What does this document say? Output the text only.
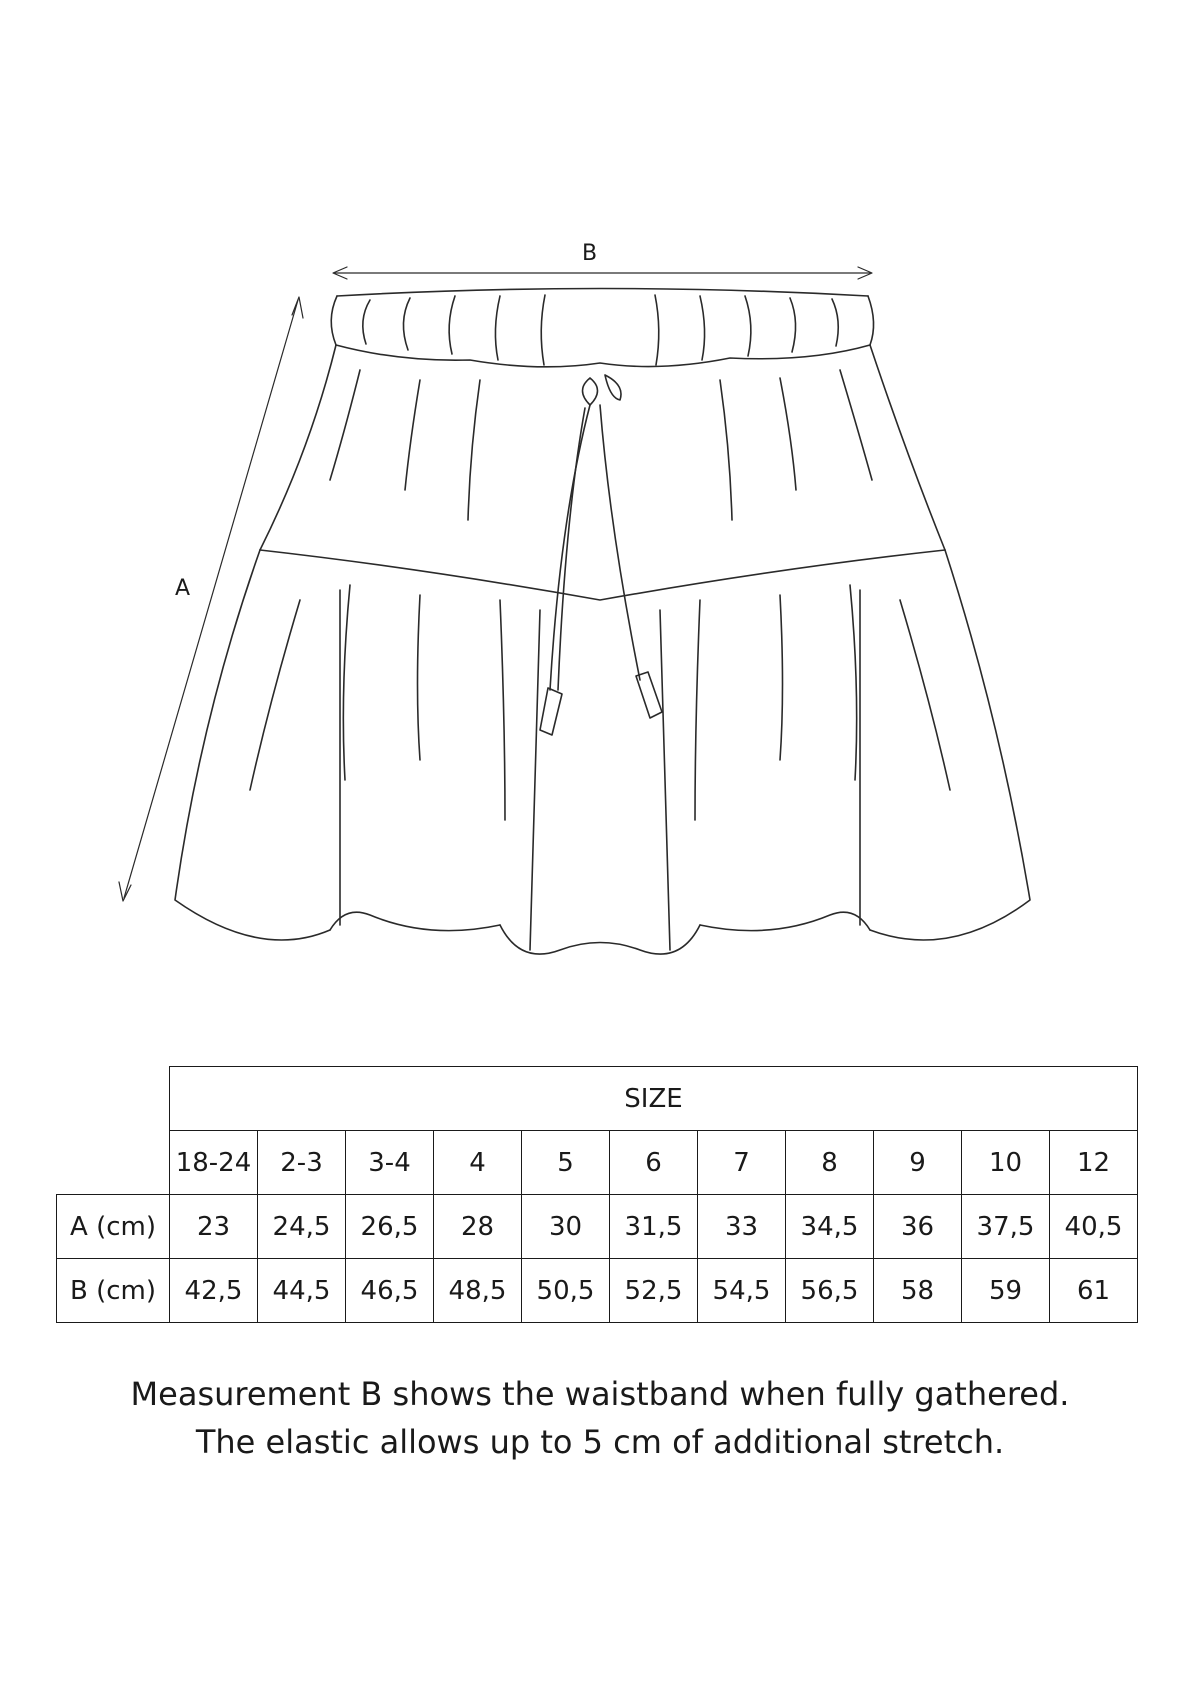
B
A
	SIZE										
	18-24	2-3	3-4	4	5	6	7	8	9	10	12
A (cm)	23	24,5	26,5	28	30	31,5	33	34,5	36	37,5	40,5
B (cm)	42,5	44,5	46,5	48,5	50,5	52,5	54,5	56,5	58	59	61

Measurement B shows the waistband when fully gathered.

The elastic allows up to 5 cm of additional stretch.
